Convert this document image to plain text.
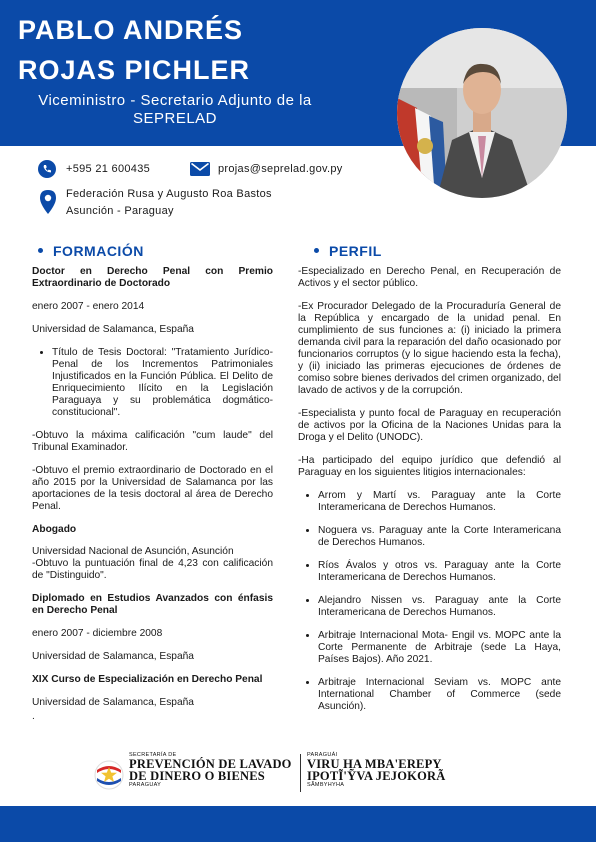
PABLO ANDRÉS
ROJAS PICHLER

Viceministro - Secretario Adjunto de la
SEPRELAD

+595 21 600435	projas@seprelad.gov.py
Federación Rusa y Augusto Roa Bastos
Asunción - Paraguay
FORMACIÓN	PERFIL

Doctor en Derecho Penal con Premio Extraordinario de Doctorado

enero 2007 - enero 2014

Universidad de Salamanca, España

• Título de Tesis Doctoral: "Tratamiento Jurídico-Penal de los Incrementos Patrimoniales Injustificados en la Función Pública. El Delito de Enriquecimiento Ilícito en la Legislación Paraguaya y su problemática dogmático-constitucional".

-Obtuvo la máxima calificación "cum laude" del Tribunal Examinador.

-Obtuvo el premio extraordinario de Doctorado en el año 2015 por la Universidad de Salamanca por las aportaciones de la tesis doctoral al área de Derecho Penal.

Abogado

Universidad Nacional de Asunción, Asunción

-Obtuvo la puntuación final de 4,23 con calificación de "Distinguido".

Diplomado en Estudios Avanzados con énfasis en Derecho Penal

enero 2007 - diciembre 2008

Universidad de Salamanca, España

XIX Curso de Especialización en Derecho Penal

Universidad de Salamanca, España

.

-Especializado en Derecho Penal, en Recuperación de Activos y el sector público.

-Ex Procurador Delegado de la Procuraduría General de la República y encargado de la unidad penal. En cumplimiento de sus funciones a: (i) iniciado la primera demanda civil para la reparación del daño ocasionado por funcionarios corruptos (y lo sigue haciendo esta la fecha), y (ii) iniciado las primeras ejecuciones de órdenes de comiso sobre bienes derivados del crimen organizado, del lavado de activos y de la corrupción.

-Especialista y punto focal de Paraguay en recuperación de activos por la Oficina de la Naciones Unidas para la Droga y el Delito (UNODC).

-Ha participado del equipo jurídico que defendió al Paraguay en los siguientes litigios internacionales:

• Arrom y Martí vs. Paraguay ante la Corte Interamericana de Derechos Humanos.
• Noguera vs. Paraguay ante la Corte Interamericana de Derechos Humanos.
• Ríos Ávalos y otros vs. Paraguay ante la Corte Interamericana de Derechos Humanos.
• Alejandro Nissen vs. Paraguay ante la Corte Interamericana de Derechos Humanos.
• Arbitraje Internacional Mota- Engil vs. MOPC ante la Corte Permanente de Arbitraje (sede La Haya, Países Bajos). Año 2021.
• Arbitraje Internacional Seviam vs. MOPC ante International Chamber of Commerce (sede Asunción).
SECRETARÍA DE
PREVENCIÓN DE LAVADO
DE DINERO O BIENES
PARAGUAY
PARAGUÁI
VIRU HA MBA'EREPY
IPOTĨ'ỸVA JEJOKORÃ
SÃMBYHYHA
